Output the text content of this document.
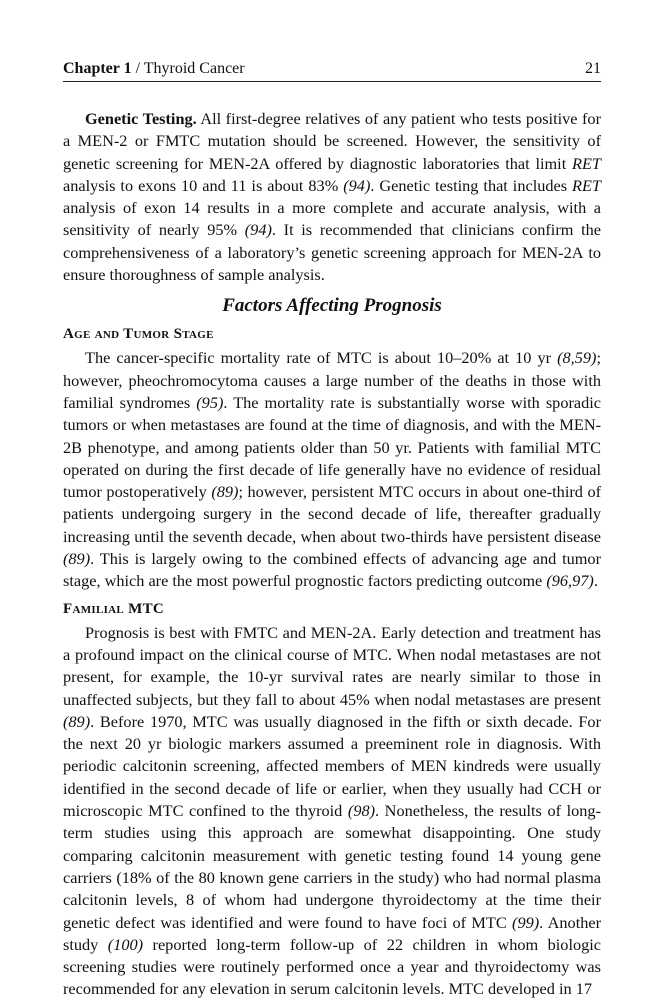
Chapter 1 / Thyroid Cancer	21

Genetic Testing. All first-degree relatives of any patient who tests positive for a MEN-2 or FMTC mutation should be screened. However, the sensitivity of genetic screening for MEN-2A offered by diagnostic laboratories that limit RET analysis to exons 10 and 11 is about 83% (94). Genetic testing that includes RET analysis of exon 14 results in a more complete and accurate analysis, with a sensitivity of nearly 95% (94). It is recommended that clinicians confirm the comprehensiveness of a laboratory’s genetic screening approach for MEN-2A to ensure thoroughness of sample analysis.

Factors Affecting Prognosis
Age and Tumor Stage

The cancer-specific mortality rate of MTC is about 10–20% at 10 yr (8,59); however, pheochromocytoma causes a large number of the deaths in those with familial syndromes (95). The mortality rate is substantially worse with sporadic tumors or when metastases are found at the time of diagnosis, and with the MEN-2B phenotype, and among patients older than 50 yr. Patients with familial MTC operated on during the first decade of life generally have no evidence of residual tumor postoperatively (89); however, persistent MTC occurs in about one-third of patients undergoing surgery in the second decade of life, thereafter gradually increasing until the seventh decade, when about two-thirds have persistent disease (89). This is largely owing to the combined effects of advancing age and tumor stage, which are the most powerful prognostic factors predicting outcome (96,97).

Familial MTC

Prognosis is best with FMTC and MEN-2A. Early detection and treatment has a profound impact on the clinical course of MTC. When nodal metastases are not present, for example, the 10-yr survival rates are nearly similar to those in unaffected subjects, but they fall to about 45% when nodal metastases are present (89). Before 1970, MTC was usually diagnosed in the fifth or sixth decade. For the next 20 yr biologic markers assumed a preeminent role in diagnosis. With periodic calcitonin screening, affected members of MEN kindreds were usually identified in the second decade of life or earlier, when they usually had CCH or microscopic MTC confined to the thyroid (98). Nonetheless, the results of long-term studies using this approach are somewhat disappointing. One study comparing calcitonin measurement with genetic testing found 14 young gene carriers (18% of the 80 known gene carriers in the study) who had normal plasma calcitonin levels, 8 of whom had undergone thyroidectomy at the time their genetic defect was identified and were found to have foci of MTC (99). Another study (100) reported long-term follow-up of 22 children in whom biologic screening studies were routinely performed once a year and thyroidectomy was recommended for any elevation in serum calcitonin levels. MTC developed in 17
